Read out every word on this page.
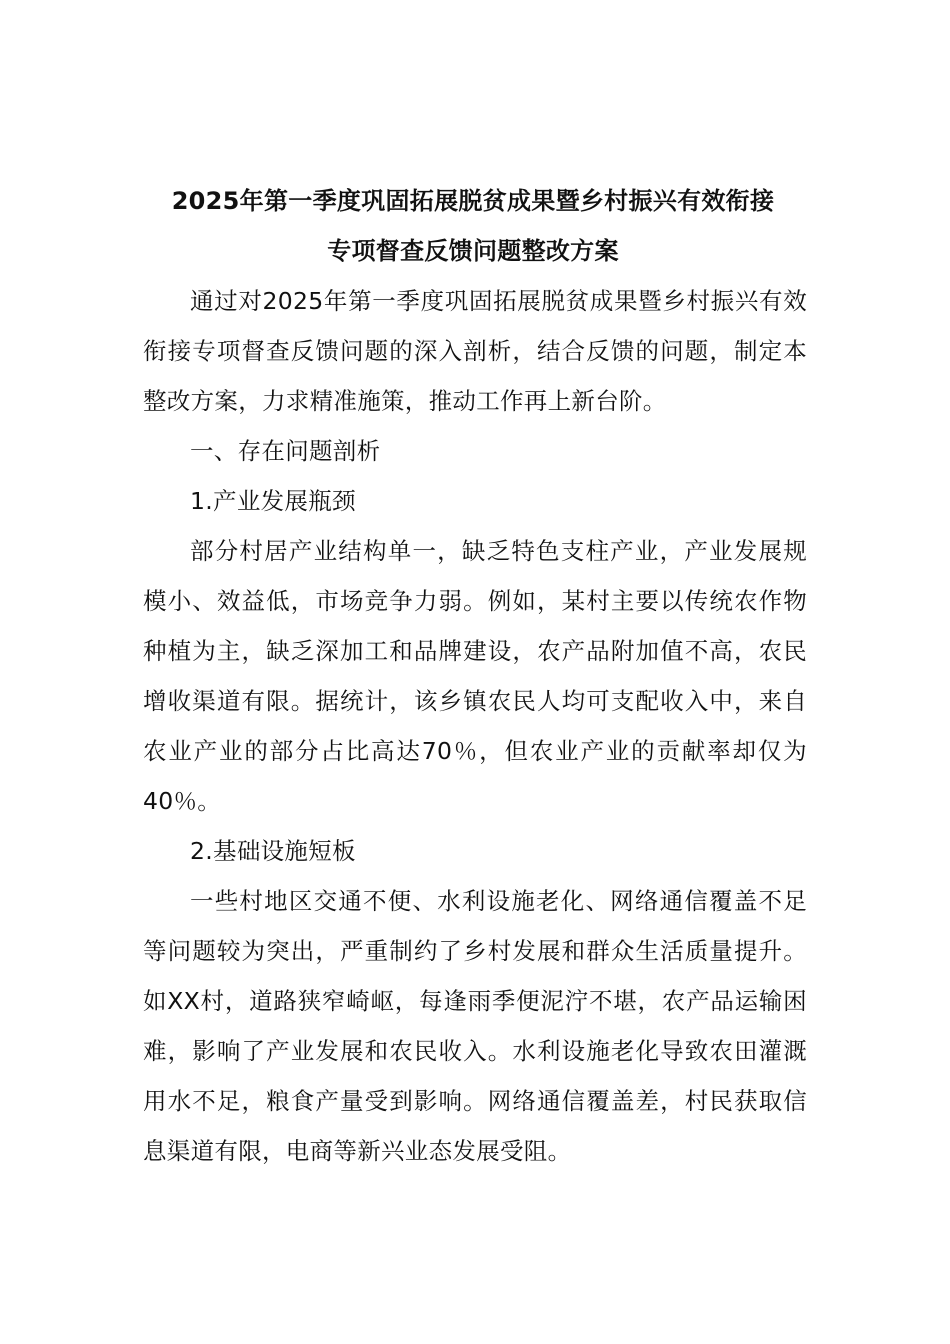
2025年第一季度巩固拓展脱贫成果暨乡村振兴有效衔接
专项督查反馈问题整改方案

通过对2025年第一季度巩固拓展脱贫成果暨乡村振兴有效衔接专项督查反馈问题的深入剖析，结合反馈的问题，制定本整改方案，力求精准施策，推动工作再上新台阶。

一、存在问题剖析

1.产业发展瓶颈

部分村居产业结构单一，缺乏特色支柱产业，产业发展规模小、效益低，市场竞争力弱。例如，某村主要以传统农作物种植为主，缺乏深加工和品牌建设，农产品附加值不高，农民增收渠道有限。据统计，该乡镇农民人均可支配收入中，来自农业产业的部分占比高达70％，但农业产业的贡献率却仅为40％。

2.基础设施短板

一些村地区交通不便、水利设施老化、网络通信覆盖不足等问题较为突出，严重制约了乡村发展和群众生活质量提升。如XX村，道路狭窄崎岖，每逢雨季便泥泞不堪，农产品运输困难，影响了产业发展和农民收入。水利设施老化导致农田灌溉用水不足，粮食产量受到影响。网络通信覆盖差，村民获取信息渠道有限，电商等新兴业态发展受阻。
